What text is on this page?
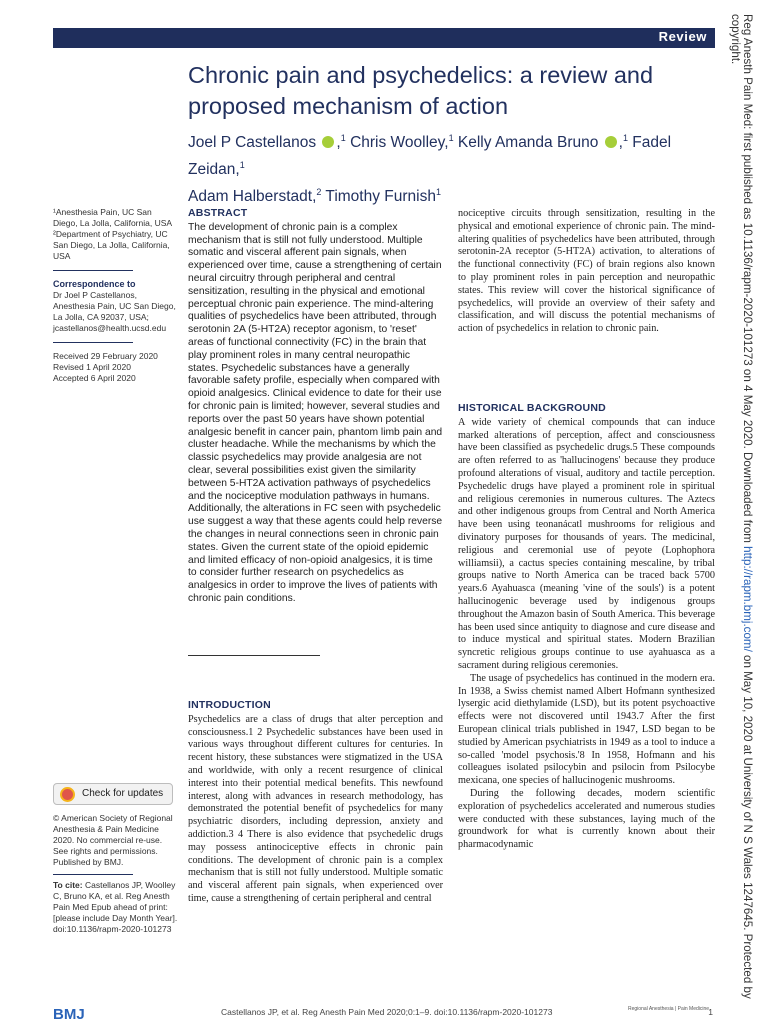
Review
Chronic pain and psychedelics: a review and proposed mechanism of action
Joel P Castellanos ,$^1$ Chris Woolley,$^1$ Kelly Amanda Bruno ,$^1$ Fadel Zeidan,$^1$
Adam Halberstadt,$^2$ Timothy Furnish$^1$

¹Anesthesia Pain, UC San Diego, La Jolla, California, USA

²Department of Psychiatry, UC San Diego, La Jolla, California, USA

Correspondence to

Dr Joel P Castellanos,

Anesthesia Pain, UC San Diego,

La Jolla, CA 92037, USA;

jcastellanos@health.ucsd.edu

Received 29 February 2020

Revised 1 April 2020

Accepted 6 April 2020

Check for updates

© American Society of Regional Anesthesia & Pain Medicine 2020. No commercial re-use. See rights and permissions. Published by BMJ.

To cite: Castellanos JP, Woolley C, Bruno KA, et al. Reg Anesth Pain Med Epub ahead of print: [please include Day Month Year]. doi:10.1136/rapm-2020-101273

ABSTRACT

The development of chronic pain is a complex mechanism that is still not fully understood. Multiple somatic and visceral afferent pain signals, when experienced over time, cause a strengthening of certain neural circuitry through peripheral and central sensitization, resulting in the physical and emotional perceptual chronic pain experience. The mind-altering qualities of psychedelics have been attributed, through serotonin 2A (5-HT2A) receptor agonism, to 'reset' areas of functional connectivity (FC) in the brain that play prominent roles in many central neuropathic states. Psychedelic substances have a generally favorable safety profile, especially when compared with opioid analgesics. Clinical evidence to date for their use for chronic pain is limited; however, several studies and reports over the past 50 years have shown potential analgesic benefit in cancer pain, phantom limb pain and cluster headache. While the mechanisms by which the classic psychedelics may provide analgesia are not clear, several possibilities exist given the similarity between 5-HT2A activation pathways of psychedelics and the nociceptive modulation pathways in humans. Additionally, the alterations in FC seen with psychedelic use suggest a way that these agents could help reverse the changes in neural connections seen in chronic pain states. Given the current state of the opioid epidemic and limited efficacy of non-opioid analgesics, it is time to consider further research on psychedelics as analgesics in order to improve the lives of patients with chronic pain conditions.

INTRODUCTION

Psychedelics are a class of drugs that alter perception and consciousness.1 2 Psychedelic substances have been used in various ways throughout different cultures for centuries. In recent history, these substances were stigmatized in the USA and worldwide, with only a recent resurgence of clinical interest into their potential medical benefits. This newfound interest, along with advances in research methodology, has demonstrated the potential benefit of psychedelics for many psychiatric disorders, including depression, anxiety and addiction.3 4 There is also evidence that psychedelic drugs may possess antinociceptive effects in chronic pain conditions. The development of chronic pain is a complex mechanism that is still not fully understood. Multiple somatic and visceral afferent pain signals, when experienced over time, cause a strengthening of certain peripheral and central

nociceptive circuits through sensitization, resulting in the physical and emotional experience of chronic pain. The mind-altering qualities of psychedelics have been attributed, through serotonin-2A receptor (5-HT2A) activation, to alterations of the functional connectivity (FC) of brain regions also known to play prominent roles in pain perception and neuropathic states. This review will cover the historical significance of psychedelics, will provide an overview of their safety and classification, and will discuss the potential mechanisms of action of psychedelics in relation to chronic pain.

HISTORICAL BACKGROUND

A wide variety of chemical compounds that can induce marked alterations of perception, affect and consciousness have been classified as psychedelic drugs.5 These compounds are often referred to as 'hallucinogens' because they produce profound alterations of visual, auditory and tactile perception. Psychedelic drugs have played a prominent role in spiritual and religious ceremonies in numerous cultures. The Aztecs and other indigenous groups from Central and North America have been using teonanácatl mushrooms for religious and divinatory purposes for thousands of years. The medicinal, religious and ceremonial use of peyote (Lophophora williamsii), a cactus species containing mescaline, by tribal groups native to North America can be traced back 5700 years.6 Ayahuasca (meaning 'vine of the souls') is a potent hallucinogenic beverage used by indigenous groups throughout the Amazon basin of South America. This beverage has been used since antiquity to diagnose and cure disease and to induce mystical and spiritual states. Modern Brazilian syncretic religious groups continue to use ayahuasca as a sacrament during religious ceremonies.

The usage of psychedelics has continued in the modern era. In 1938, a Swiss chemist named Albert Hofmann synthesized lysergic acid diethylamide (LSD), but its potent psychoactive effects were not discovered until 1943.7 After the first European clinical trials published in 1947, LSD began to be studied by American psychiatrists in 1949 as a tool to induce a so-called 'model psychosis.'8 In 1958, Hofmann and his colleagues isolated psilocybin and psilocin from Psilocybe mexicana, one species of hallucinogenic mushrooms.

During the following decades, modern scientific exploration of psychedelics accelerated and numerous studies were conducted with these substances, laying much of the groundwork for what is currently known about their pharmacodynamic

BMJ	Castellanos JP, et al. Reg Anesth Pain Med 2020;0:1–9. doi:10.1136/rapm-2020-101273	Regional Anesthesia | Pain Medicine 1
Reg Anesth Pain Med: first published as 10.1136/rapm-2020-101273 on 4 May 2020. Downloaded from http://rapm.bmj.com/ on May 10, 2020 at University of N S Wales 1247645. Protected by copyright.
